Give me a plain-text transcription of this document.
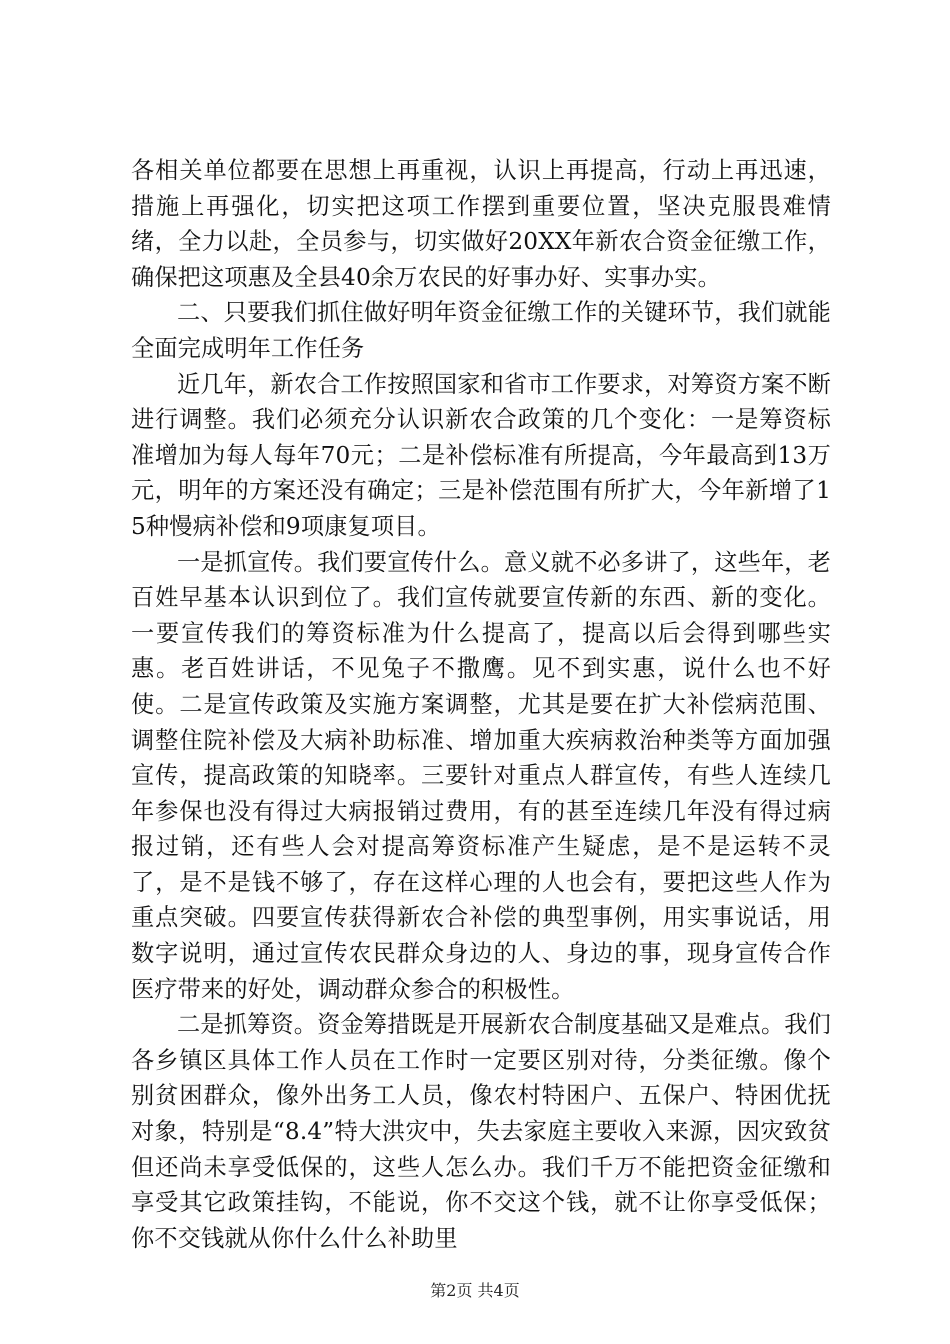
各相关单位都要在思想上再重视，认识上再提高，行动上再迅速，措施上再强化，切实把这项工作摆到重要位置，坚决克服畏难情绪，全力以赴，全员参与，切实做好20XX年新农合资金征缴工作，确保把这项惠及全县40余万农民的好事办好、实事办实。

二、只要我们抓住做好明年资金征缴工作的关键环节，我们就能全面完成明年工作任务

近几年，新农合工作按照国家和省市工作要求，对筹资方案不断进行调整。我们必须充分认识新农合政策的几个变化：一是筹资标准增加为每人每年70元；二是补偿标准有所提高，今年最高到13万元，明年的方案还没有确定；三是补偿范围有所扩大，今年新增了15种慢病补偿和9项康复项目。

一是抓宣传。我们要宣传什么。意义就不必多讲了，这些年，老百姓早基本认识到位了。我们宣传就要宣传新的东西、新的变化。一要宣传我们的筹资标准为什么提高了，提高以后会得到哪些实惠。老百姓讲话，不见兔子不撒鹰。见不到实惠，说什么也不好使。二是宣传政策及实施方案调整，尤其是要在扩大补偿病范围、调整住院补偿及大病补助标准、增加重大疾病救治种类等方面加强宣传，提高政策的知晓率。三要针对重点人群宣传，有些人连续几年参保也没有得过大病报销过费用，有的甚至连续几年没有得过病报过销，还有些人会对提高筹资标准产生疑虑，是不是运转不灵了，是不是钱不够了，存在这样心理的人也会有，要把这些人作为重点突破。四要宣传获得新农合补偿的典型事例，用实事说话，用数字说明，通过宣传农民群众身边的人、身边的事，现身宣传合作医疗带来的好处，调动群众参合的积极性。

二是抓筹资。资金筹措既是开展新农合制度基础又是难点。我们各乡镇区具体工作人员在工作时一定要区别对待，分类征缴。像个别贫困群众，像外出务工人员，像农村特困户、五保户、特困优抚对象，特别是“8.4”特大洪灾中，失去家庭主要收入来源，因灾致贫但还尚未享受低保的，这些人怎么办。我们千万不能把资金征缴和享受其它政策挂钩，不能说，你不交这个钱，就不让你享受低保；你不交钱就从你什么什么补助里

第2页 共4页
